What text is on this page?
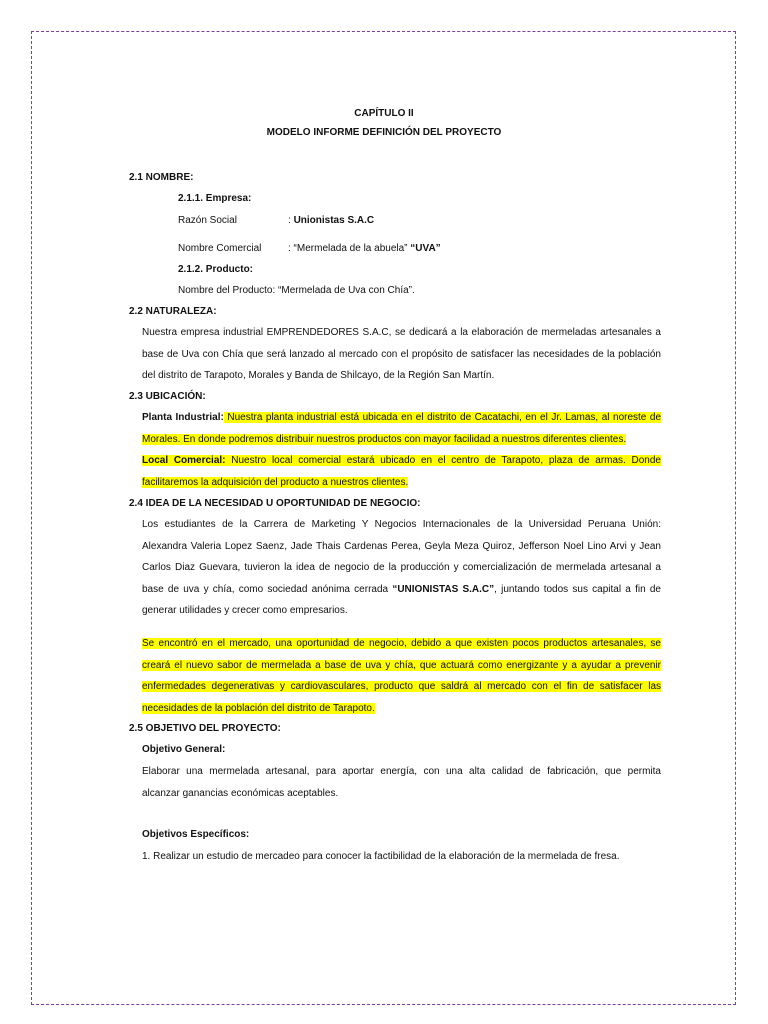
CAPÍTULO II
MODELO INFORME DEFINICIÓN DEL PROYECTO
2.1 NOMBRE:
2.1.1. Empresa:
Razón Social	: Unionistas S.A.C
Nombre Comercial	: “Mermelada de la abuela” “UVA”
2.1.2. Producto:
Nombre del Producto: “Mermelada de Uva con Chía”.
2.2 NATURALEZA:
Nuestra empresa industrial EMPRENDEDORES S.A.C, se dedicará a la elaboración de mermeladas artesanales a
base de Uva con Chía que será lanzado al mercado con el propósito de satisfacer las necesidades de la población
del distrito de Tarapoto, Morales y Banda de Shilcayo, de la Región San Martín.
2.3 UBICACIÓN:
Planta Industrial: Nuestra planta industrial está ubicada en el distrito de Cacatachi, en el Jr. Lamas, al noreste de
Morales. En donde podremos distribuir nuestros productos con mayor facilidad a nuestros diferentes clientes.
Local Comercial: Nuestro local comercial estará ubicado en el centro de Tarapoto, plaza de armas. Donde
facilitaremos la adquisición del producto a nuestros clientes.
2.4 IDEA DE LA NECESIDAD U OPORTUNIDAD DE NEGOCIO:
Los estudiantes de la Carrera de Marketing Y Negocios Internacionales de la Universidad Peruana Unión:
Alexandra Valeria Lopez Saenz, Jade Thais Cardenas Perea, Geyla Meza Quiroz, Jefferson Noel Lino Arvi y Jean
Carlos Diaz Guevara, tuvieron la idea de negocio de la producción y comercialización de mermelada artesanal a
base de uva y chía, como sociedad anónima cerrada “UNIONISTAS S.A.C”, juntando todos sus capital a fin de
generar utilidades y crecer como empresarios.
Se encontró en el mercado, una oportunidad de negocio, debido a que existen pocos productos artesanales, se
creará el nuevo sabor de mermelada a base de uva y chía, que actuará como energizante y a ayudar a prevenir
enfermedades degenerativas y cardiovasculares, producto que saldrá al mercado con el fin de satisfacer las
necesidades de la población del distrito de Tarapoto.
2.5 OBJETIVO DEL PROYECTO:
Objetivo General:
Elaborar una mermelada artesanal, para aportar energía, con una alta calidad de fabricación, que permita
alcanzar ganancias económicas aceptables.
Objetivos Específicos:
1. Realizar un estudio de mercadeo para conocer la factibilidad de la elaboración de la mermelada de fresa.
